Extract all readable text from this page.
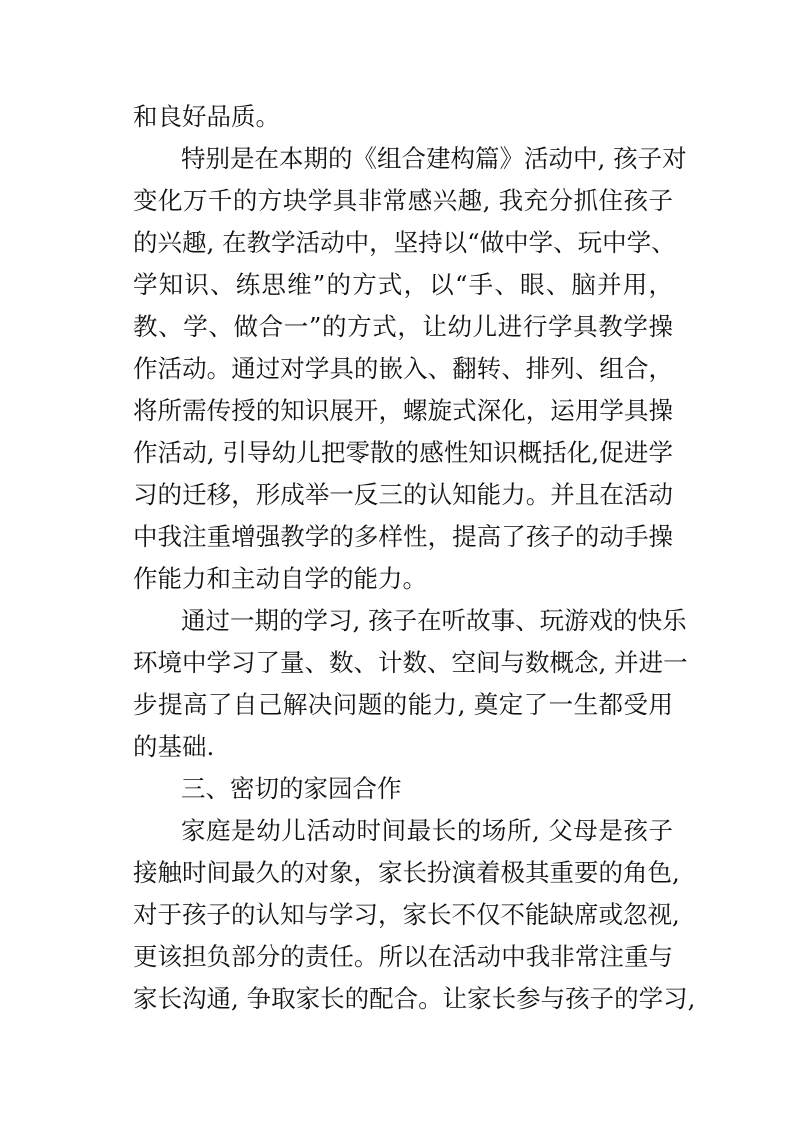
和良好品质。
特别是在本期的《组合建构篇》活动中, 孩子对
变化万千的方块学具非常感兴趣, 我充分抓住孩子
的兴趣, 在教学活动中，坚持以“做中学、玩中学、
学知识、练思维”的方式，以“手、眼、脑并用，
教、学、做合一”的方式，让幼儿进行学具教学操
作活动。通过对学具的嵌入、翻转、排列、组合，
将所需传授的知识展开，螺旋式深化，运用学具操
作活动, 引导幼儿把零散的感性知识概括化,促进学
习的迁移，形成举一反三的认知能力。并且在活动
中我注重增强教学的多样性，提高了孩子的动手操
作能力和主动自学的能力。
通过一期的学习, 孩子在听故事、玩游戏的快乐
环境中学习了量、数、计数、空间与数概念, 并进一
步提高了自己解决问题的能力, 奠定了一生都受用
的基础.
三、密切的家园合作
家庭是幼儿活动时间最长的场所, 父母是孩子
接触时间最久的对象，家长扮演着极其重要的角色,
对于孩子的认知与学习，家长不仅不能缺席或忽视,
更该担负部分的责任。所以在活动中我非常注重与
家长沟通, 争取家长的配合。让家长参与孩子的学习,
